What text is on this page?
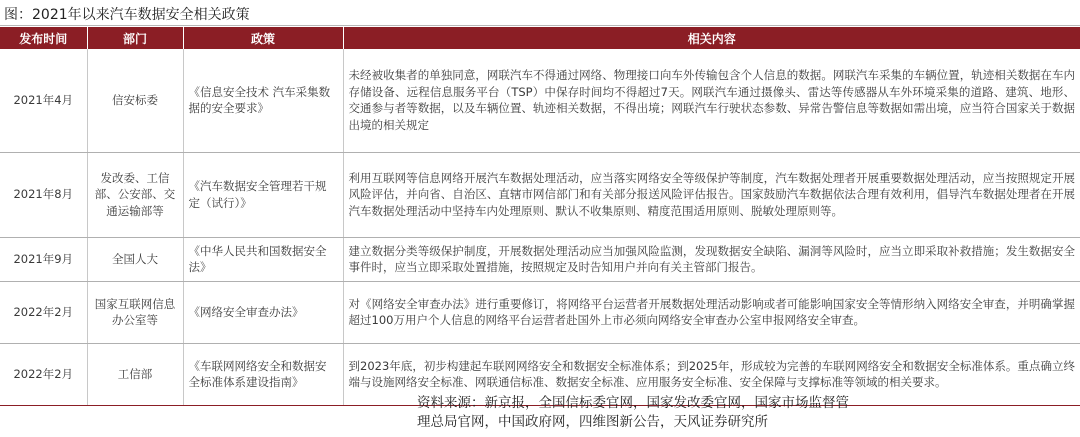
图：2021年以来汽车数据安全相关政策
发布时间	部门	政策	相关内容
2021年4月	信安标委	《信息安全技术 汽车采集数据的安全要求》	未经被收集者的单独同意，网联汽车不得通过网络、物理接口向车外传输包含个人信息的数据。网联汽车采集的车辆位置，轨迹相关数据在车内存储设备、远程信息服务平台（TSP）中保存时间均不得超过7天。网联汽车通过摄像头、雷达等传感器从车外环境采集的道路、建筑、地形、交通参与者等数据，以及车辆位置、轨迹相关数据，不得出境；网联汽车行驶状态参数、异常告警信息等数据如需出境，应当符合国家关于数据出境的相关规定
2021年8月	发改委、工信部、公安部、交通运输部等	《汽车数据安全管理若干规定（试行）》	利用互联网等信息网络开展汽车数据处理活动，应当落实网络安全等级保护等制度，汽车数据处理者开展重要数据处理活动，应当按照规定开展风险评估，并向省、自治区、直辖市网信部门和有关部分报送风险评估报告。国家鼓励汽车数据依法合理有效利用，倡导汽车数据处理者在开展汽车数据处理活动中坚持车内处理原则、默认不收集原则、精度范围适用原则、脱敏处理原则等。
2021年9月	全国人大	《中华人民共和国数据安全法》	建立数据分类等级保护制度，开展数据处理活动应当加强风险监测，发现数据安全缺陷、漏洞等风险时，应当立即采取补救措施；发生数据安全事件时，应当立即采取处置措施，按照规定及时告知用户并向有关主管部门报告。
2022年2月	国家互联网信息办公室等	《网络安全审查办法》	对《网络安全审查办法》进行重要修订，将网络平台运营者开展数据处理活动影响或者可能影响国家安全等情形纳入网络安全审查，并明确掌握超过100万用户个人信息的网络平台运营者赴国外上市必须向网络安全审查办公室申报网络安全审查。
2022年2月	工信部	《车联网网络安全和数据安全标准体系建设指南》	到2023年底，初步构建起车联网网络安全和数据安全标准体系；到2025年，形成较为完善的车联网网络安全和数据安全标准体系。重点确立终端与设施网络安全标准、网联通信标准、数据安全标准、应用服务安全标准、安全保障与支撑标准等领域的相关要求。
资料来源：新京报，全国信标委官网，国家发改委官网，国家市场监督管
理总局官网，中国政府网，四维图新公告，天风证券研究所
